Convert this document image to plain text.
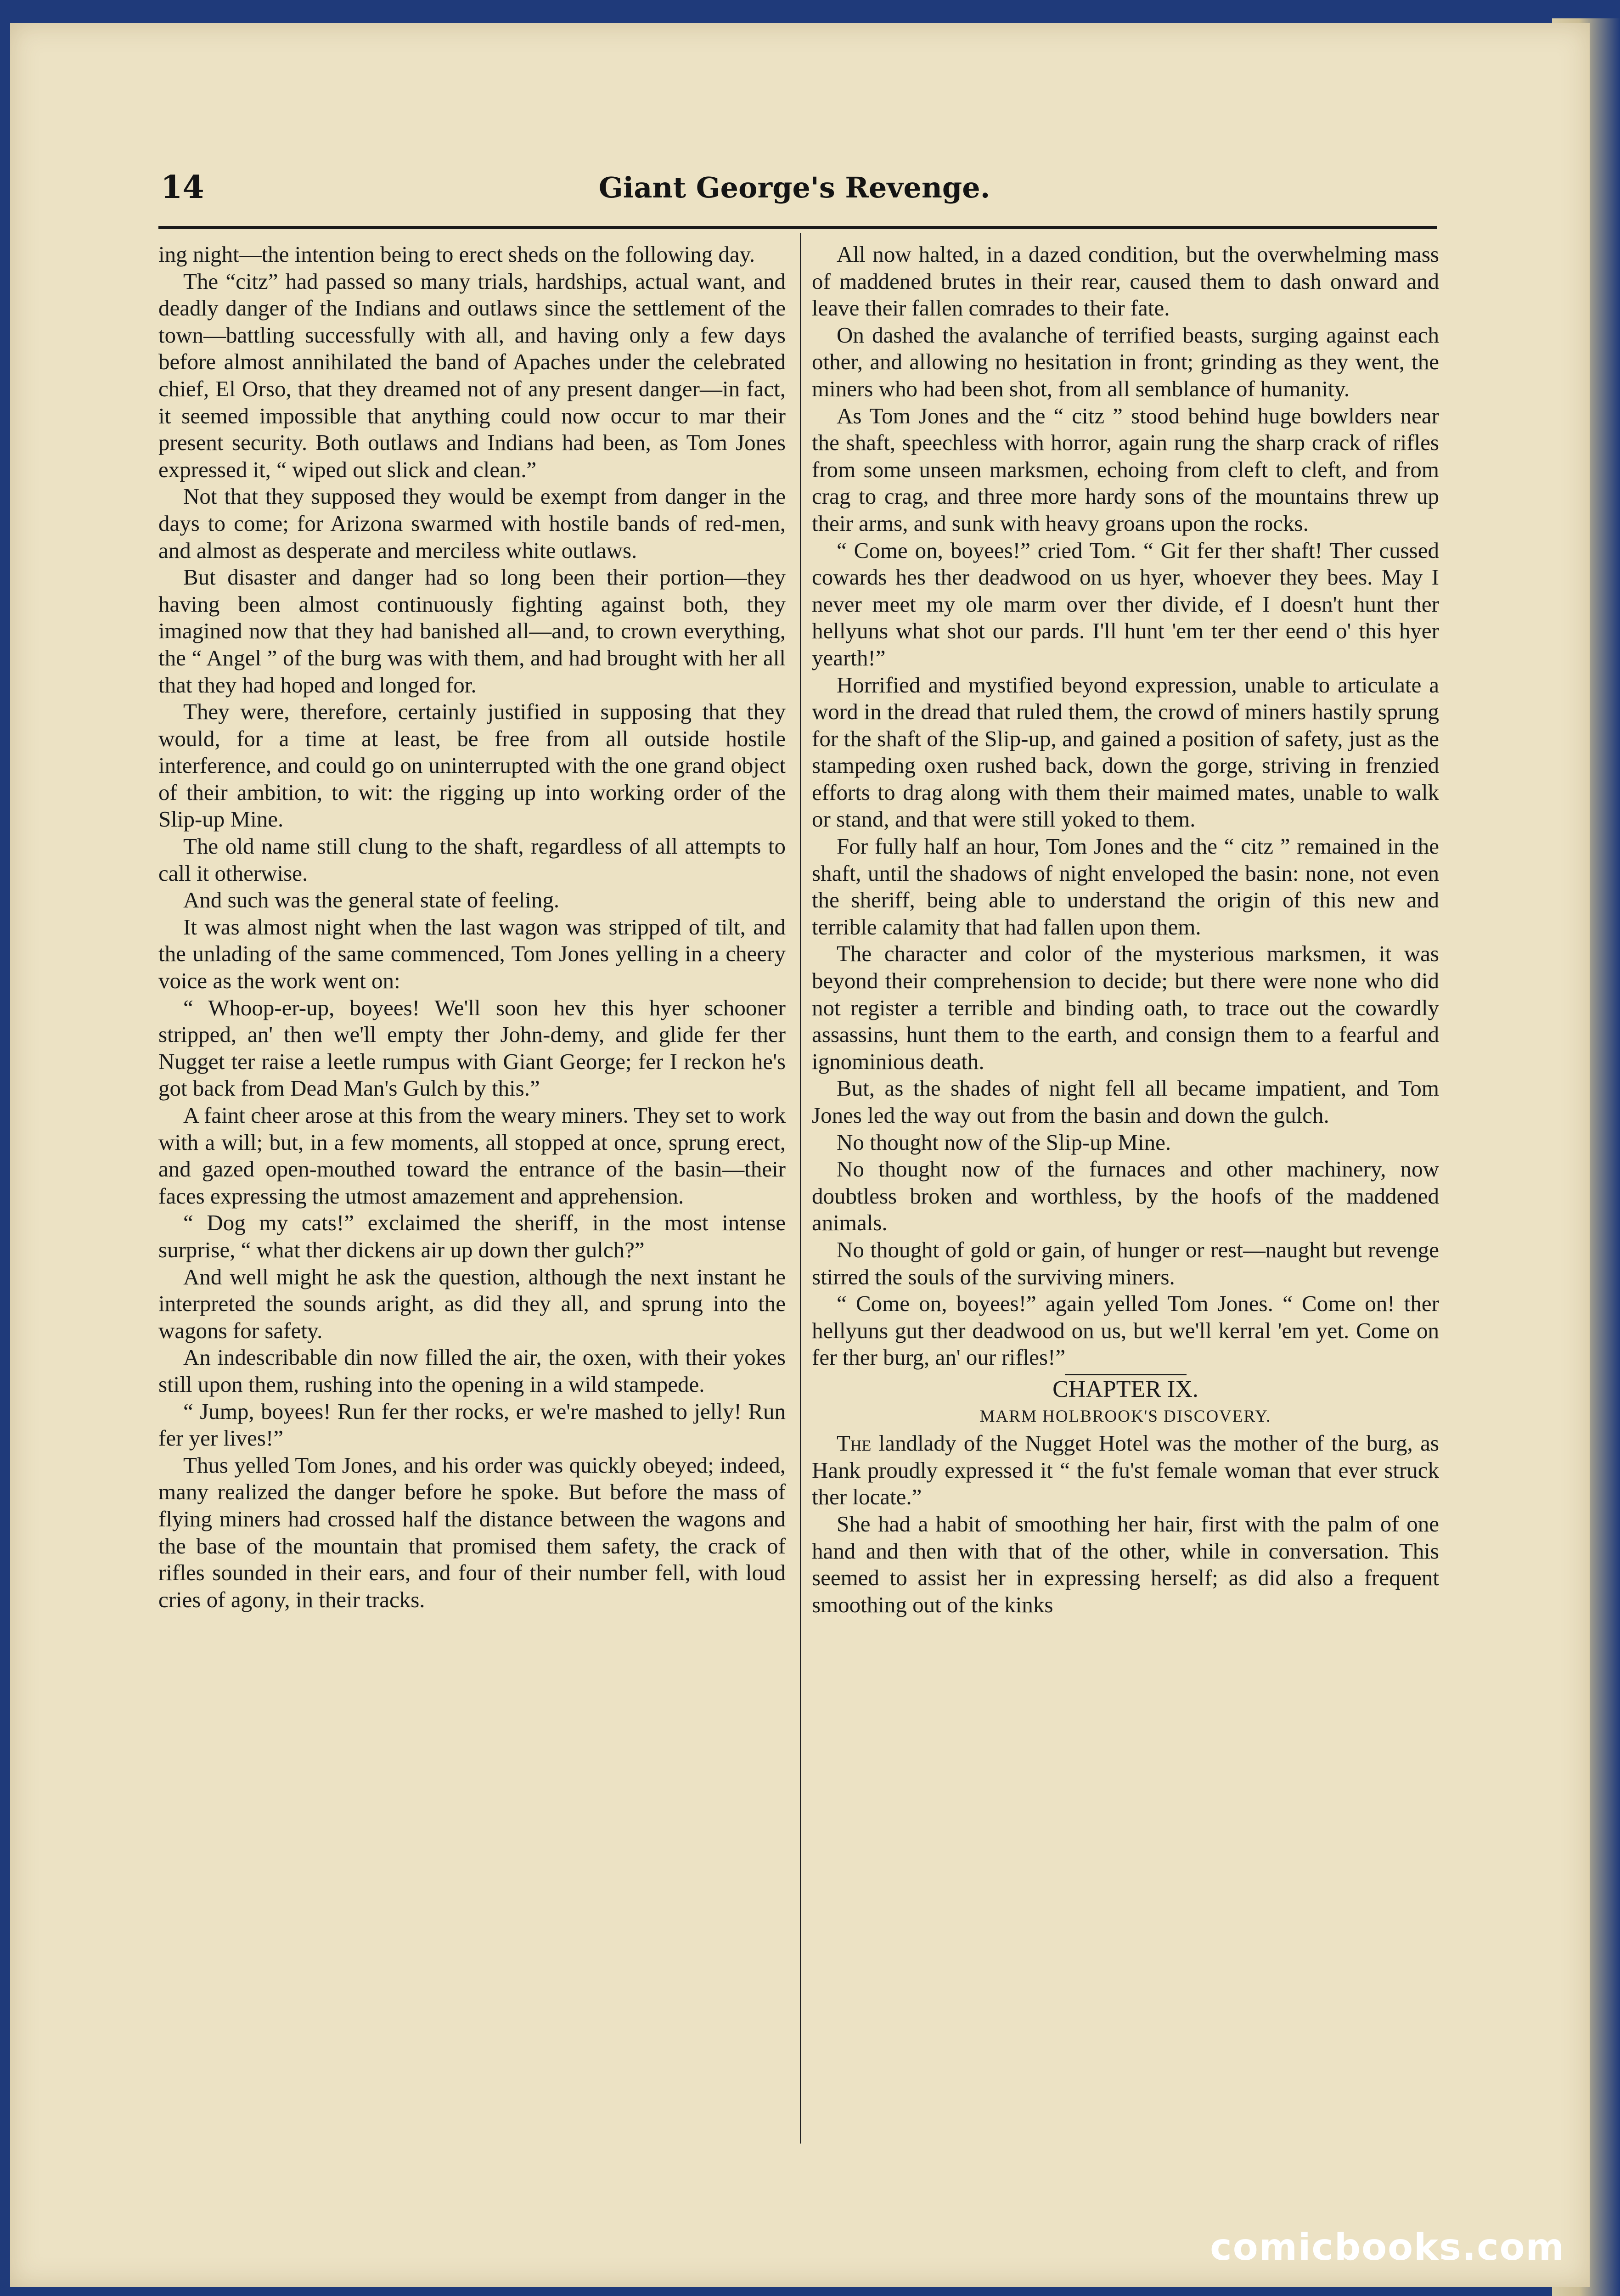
14	Giant George's Revenge.

ing night—the intention being to erect sheds on the following day.

The “citz” had passed so many trials, hardships, actual want, and deadly danger of the Indians and outlaws since the settlement of the town—battling successfully with all, and having only a few days before almost annihilated the band of Apaches under the celebrated chief, El Orso, that they dreamed not of any present danger—in fact, it seemed impossible that anything could now occur to mar their present security. Both outlaws and Indians had been, as Tom Jones expressed it, “ wiped out slick and clean.”

Not that they supposed they would be exempt from danger in the days to come; for Arizona swarmed with hostile bands of red-men, and almost as desperate and merciless white outlaws.

But disaster and danger had so long been their portion—they having been almost continuously fighting against both, they imagined now that they had banished all—and, to crown everything, the “ Angel ” of the burg was with them, and had brought with her all that they had hoped and longed for.

They were, therefore, certainly justified in supposing that they would, for a time at least, be free from all outside hostile interference, and could go on uninterrupted with the one grand object of their ambition, to wit: the rigging up into working order of the Slip-up Mine.

The old name still clung to the shaft, regardless of all attempts to call it otherwise.

And such was the general state of feeling.

It was almost night when the last wagon was stripped of tilt, and the unlading of the same commenced, Tom Jones yelling in a cheery voice as the work went on:

“ Whoop-er-up, boyees! We'll soon hev this hyer schooner stripped, an' then we'll empty ther John-demy, and glide fer ther Nugget ter raise a leetle rumpus with Giant George; fer I reckon he's got back from Dead Man's Gulch by this.”

A faint cheer arose at this from the weary miners. They set to work with a will; but, in a few moments, all stopped at once, sprung erect, and gazed open-mouthed toward the entrance of the basin—their faces expressing the utmost amazement and apprehension.

“ Dog my cats!” exclaimed the sheriff, in the most intense surprise, “ what ther dickens air up down ther gulch?”

And well might he ask the question, although the next instant he interpreted the sounds aright, as did they all, and sprung into the wagons for safety.

An indescribable din now filled the air, the oxen, with their yokes still upon them, rushing into the opening in a wild stampede.

“ Jump, boyees! Run fer ther rocks, er we're mashed to jelly! Run fer yer lives!”

Thus yelled Tom Jones, and his order was quickly obeyed; indeed, many realized the danger before he spoke. But before the mass of flying miners had crossed half the distance between the wagons and the base of the mountain that promised them safety, the crack of rifles sounded in their ears, and four of their number fell, with loud cries of agony, in their tracks.

All now halted, in a dazed condition, but the overwhelming mass of maddened brutes in their rear, caused them to dash onward and leave their fallen comrades to their fate.

On dashed the avalanche of terrified beasts, surging against each other, and allowing no hesitation in front; grinding as they went, the miners who had been shot, from all semblance of humanity.

As Tom Jones and the “ citz ” stood behind huge bowlders near the shaft, speechless with horror, again rung the sharp crack of rifles from some unseen marksmen, echoing from cleft to cleft, and from crag to crag, and three more hardy sons of the mountains threw up their arms, and sunk with heavy groans upon the rocks.

“ Come on, boyees!” cried Tom. “ Git fer ther shaft! Ther cussed cowards hes ther deadwood on us hyer, whoever they bees. May I never meet my ole marm over ther divide, ef I doesn't hunt ther hellyuns what shot our pards. I'll hunt 'em ter ther eend o' this hyer yearth!”

Horrified and mystified beyond expression, unable to articulate a word in the dread that ruled them, the crowd of miners hastily sprung for the shaft of the Slip-up, and gained a position of safety, just as the stampeding oxen rushed back, down the gorge, striving in frenzied efforts to drag along with them their maimed mates, unable to walk or stand, and that were still yoked to them.

For fully half an hour, Tom Jones and the “ citz ” remained in the shaft, until the shadows of night enveloped the basin: none, not even the sheriff, being able to understand the origin of this new and terrible calamity that had fallen upon them.

The character and color of the mysterious marksmen, it was beyond their comprehension to decide; but there were none who did not register a terrible and binding oath, to trace out the cowardly assassins, hunt them to the earth, and consign them to a fearful and ignominious death.

But, as the shades of night fell all became impatient, and Tom Jones led the way out from the basin and down the gulch.

No thought now of the Slip-up Mine.

No thought now of the furnaces and other machinery, now doubtless broken and worthless, by the hoofs of the maddened animals.

No thought of gold or gain, of hunger or rest—naught but revenge stirred the souls of the surviving miners.

“ Come on, boyees!” again yelled Tom Jones. “ Come on! ther hellyuns gut ther deadwood on us, but we'll kerral 'em yet. Come on fer ther burg, an' our rifles!”

CHAPTER IX.

MARM HOLBROOK'S DISCOVERY.

The landlady of the Nugget Hotel was the mother of the burg, as Hank proudly expressed it “ the fu'st female woman that ever struck ther locate.”

She had a habit of smoothing her hair, first with the palm of one hand and then with that of the other, while in conversation. This seemed to assist her in expressing herself; as did also a frequent smoothing out of the kinks

comicbooks.com
